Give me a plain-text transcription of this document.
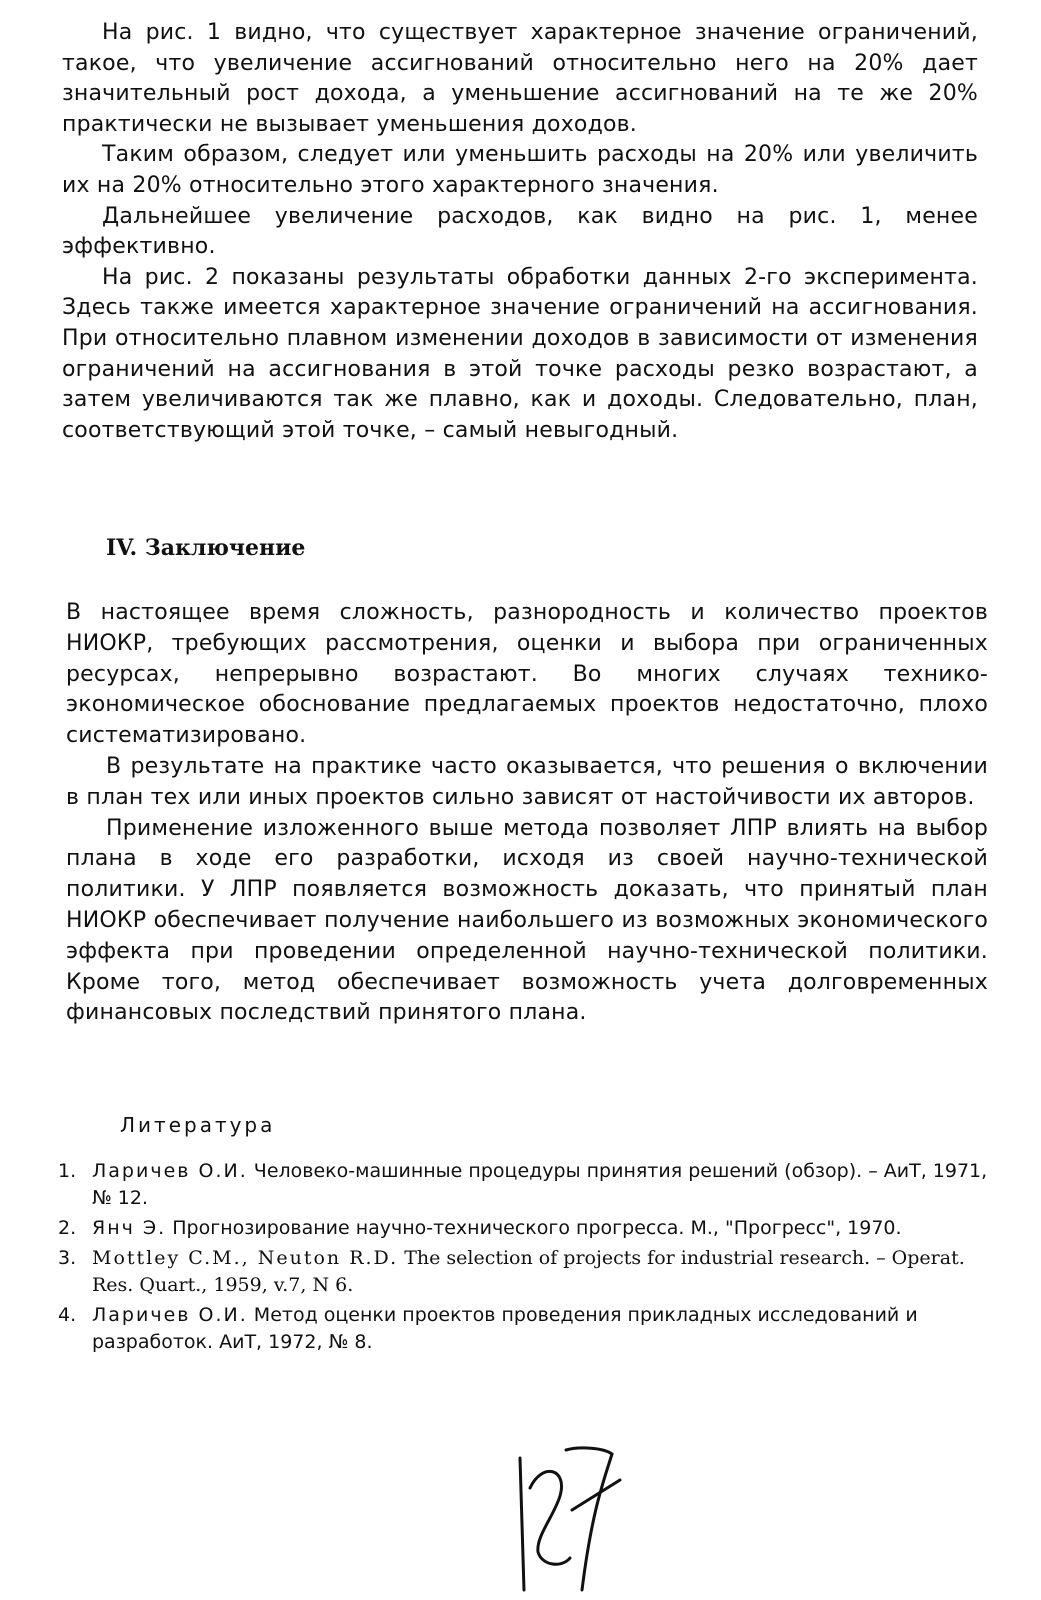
На рис. 1 видно, что существует характерное значение ограничений, такое, что увеличение ассигнований относительно него на 20% дает значительный рост дохода, а уменьшение ассигнований на те же 20% практически не вызывает уменьшения доходов.

Таким образом, следует или уменьшить расходы на 20% или увеличить их на 20% относительно этого характерного значения.

Дальнейшее увеличение расходов, как видно на рис. 1, менее эффективно.

На рис. 2 показаны результаты обработки данных 2-го эксперимента. Здесь также имеется характерное значение ограничений на ассигнования. При относительно плавном изменении доходов в зависимости от изменения ограничений на ассигнования в этой точке расходы резко возрастают, а затем увеличиваются так же плавно, как и доходы. Следовательно, план, соответствующий этой точке, – самый невыгодный.

IV. Заключение

В настоящее время сложность, разнородность и количество проектов НИОКР, требующих рассмотрения, оценки и выбора при ограниченных ресурсах, непрерывно возрастают. Во многих случаях технико-экономическое обоснование предлагаемых проектов недостаточно, плохо систематизировано.

В результате на практике часто оказывается, что решения о включении в план тех или иных проектов сильно зависят от настойчивости их авторов.

Применение изложенного выше метода позволяет ЛПР влиять на выбор плана в ходе его разработки, исходя из своей научно-технической политики. У ЛПР появляется возможность доказать, что принятый план НИОКР обеспечивает получение наибольшего из возможных экономического эффекта при проведении определенной научно-технической политики. Кроме того, метод обеспечивает возможность учета долговременных финансовых последствий принятого плана.

Литература
1. Ларичев О.И. Человеко-машинные процедуры принятия решений (обзор). – АиТ, 1971, № 12.
2. Янч Э. Прогнозирование научно-технического прогресса. М., "Прогресс", 1970.
3. Mottley C.M., Neuton R.D. The selection of projects for industrial research. – Operat. Res. Quart., 1959, v.7, N 6.
4. Ларичев О.И. Метод оценки проектов проведения прикладных исследований и разработок. АиТ, 1972, № 8.
